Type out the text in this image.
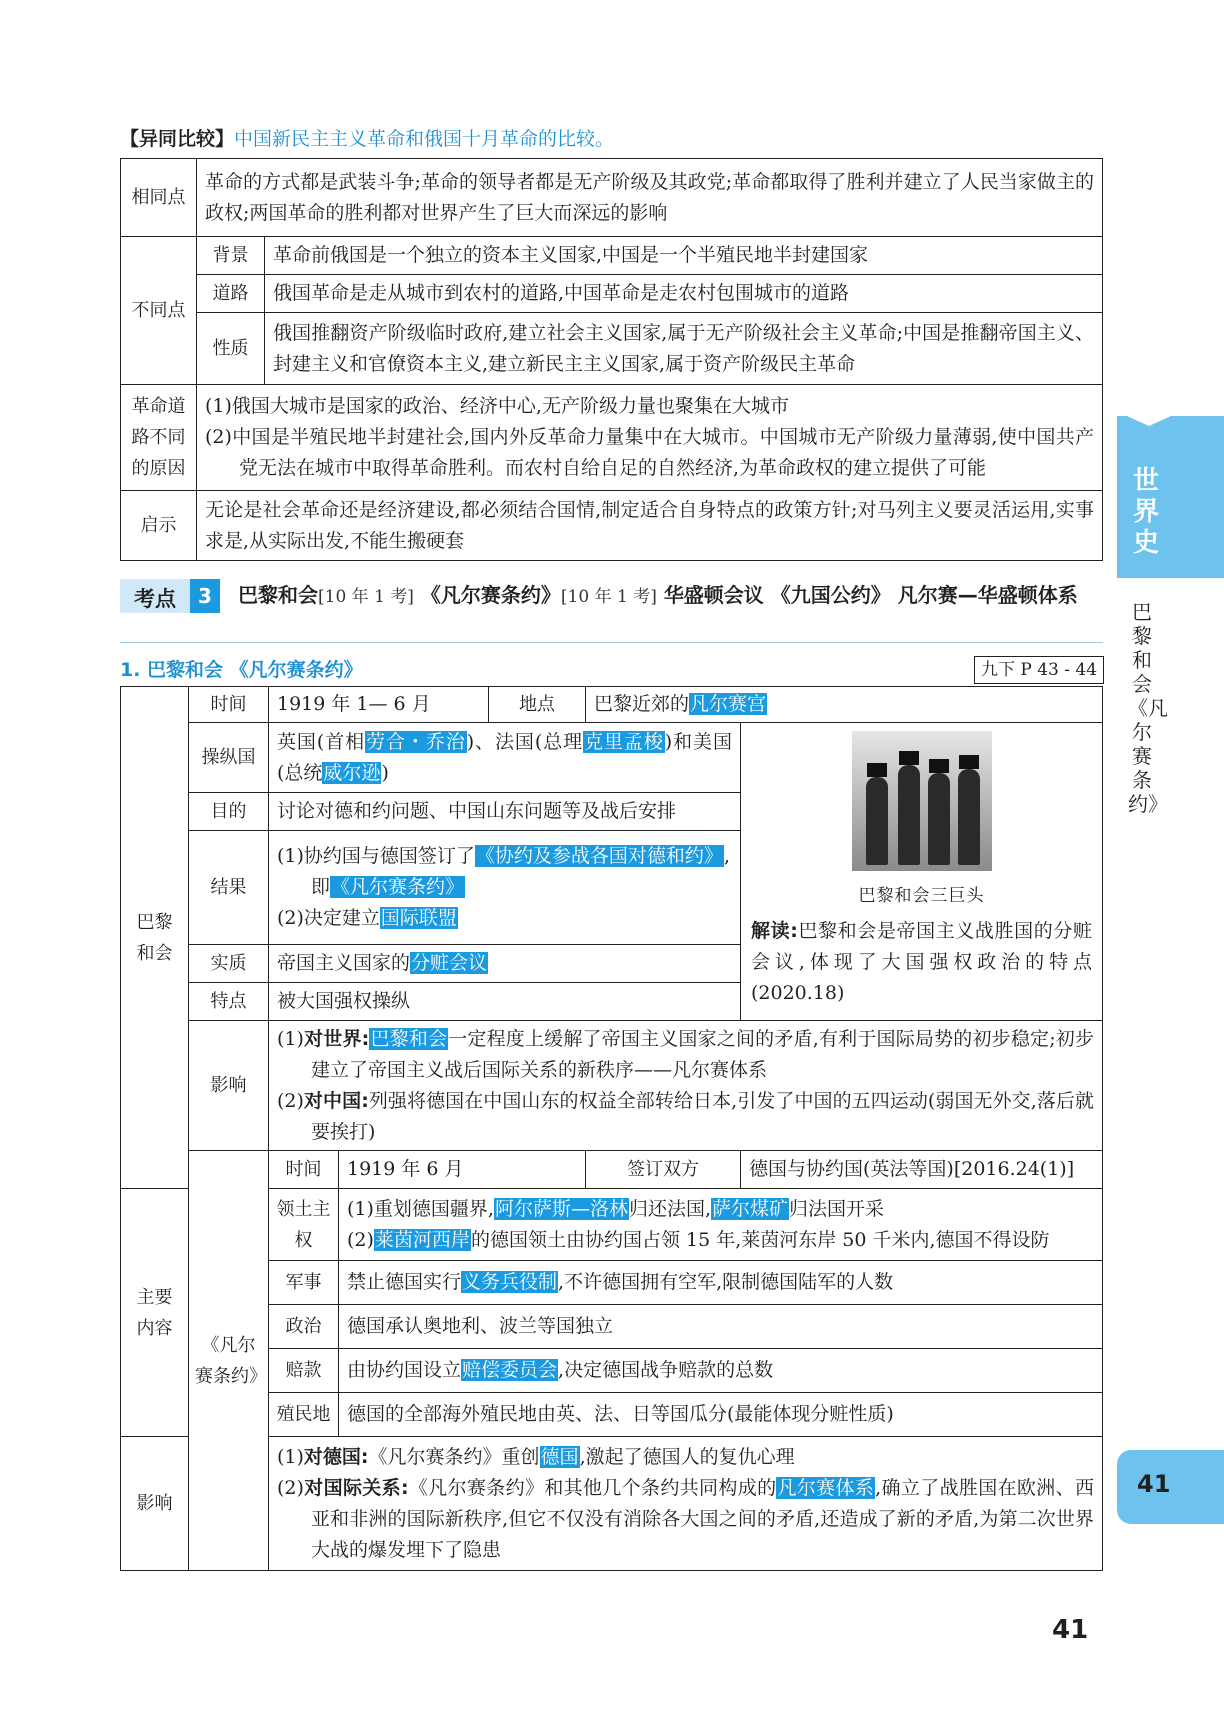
【异同比较】中国新民主主义革命和俄国十月革命的比较。
相同点	革命的方式都是武装斗争;革命的领导者都是无产阶级及其政党;革命都取得了胜利并建立了人民当家做主的政权;两国革命的胜利都对世界产生了巨大而深远的影响	
不同点	背景	革命前俄国是一个独立的资本主义国家,中国是一个半殖民地半封建国家
	道路	俄国革命是走从城市到农村的道路,中国革命是走农村包围城市的道路
	性质	俄国推翻资产阶级临时政府,建立社会主义国家,属于无产阶级社会主义革命;中国是推翻帝国主义、封建主义和官僚资本主义,建立新民主主义国家,属于资产阶级民主革命
革命道路不同的原因	(1)俄国大城市是国家的政治、经济中心,无产阶级力量也聚集在大城市
(2)中国是半殖民地半封建社会,国内外反革命力量集中在大城市。中国城市无产阶级力量薄弱,使中国共产党无法在城市中取得革命胜利。而农村自给自足的自然经济,为革命政权的建立提供了可能	

启示	无论是社会革命还是经济建设,都必须结合国情,制定适合自身特点的政策方针;对马列主义要灵活运用,实事求是,从实际出发,不能生搬硬套	
考点	3	巴黎和会[10 年 1 考] 《凡尔赛条约》[10 年 1 考] 华盛顿会议 《九国公约》 凡尔赛—华盛顿体系
1. 巴黎和会 《凡尔赛条约》	九下 P 43 - 44
巴黎和会	时间	1919 年 1— 6 月		地点	巴黎近郊的凡尔赛宫	
	操纵国	英国(首相劳合・乔治)、法国(总理克里孟梭)和美国(总统威尔逊)				巴黎和会三巨头
解读:巴黎和会是帝国主义战胜国的分赃会议,体现了大国强权政治的特点(2020.18)

	目的	讨论对德和约问题、中国山东问题等及战后安排				
	结果	(1)协约国与德国签订了《协约及参战各国对德和约》,
即《凡尔赛条约》
(2)决定建立国际联盟				

	实质	帝国主义国家的分赃会议				
	特点	被大国强权操纵				
	影响	(1)对世界:巴黎和会一定程度上缓解了帝国主义国家之间的矛盾,有利于国际局势的初步稳定;初步建立了帝国主义战后国际关系的新秩序——凡尔赛体系
(2)对中国:列强将德国在中国山东的权益全部转给日本,引发了中国的五四运动(弱国无外交,落后就要挨打)				

	《凡尔赛条约》	时间	1919 年 6 月		签订双方	德国与协约国(英法等国)[2016.24(1)]
主要内容		领土主权	(1)重划德国疆界,阿尔萨斯—洛林归还法国,萨尔煤矿归法国开采
(2)莱茵河西岸的德国领土由协约国占领 15 年,莱茵河东岸 50 千米内,德国不得设防			

		军事	禁止德国实行义务兵役制,不许德国拥有空军,限制德国陆军的人数			
		政治	德国承认奥地利、波兰等国独立			
		赔款	由协约国设立赔偿委员会,决定德国战争赔款的总数			
		殖民地	德国的全部海外殖民地由英、法、日等国瓜分(最能体现分赃性质)			
影响		(1)对德国:《凡尔赛条约》重创德国,激起了德国人的复仇心理
(2)对国际关系:《凡尔赛条约》和其他几个条约共同构成的凡尔赛体系,确立了战胜国在欧洲、西亚和非洲的国际新秩序,但它不仅没有消除各大国之间的矛盾,还造成了新的矛盾,为第二次世界大战的爆发埋下了隐患				
世界史
巴黎和会《凡尔赛条约》
41
41
